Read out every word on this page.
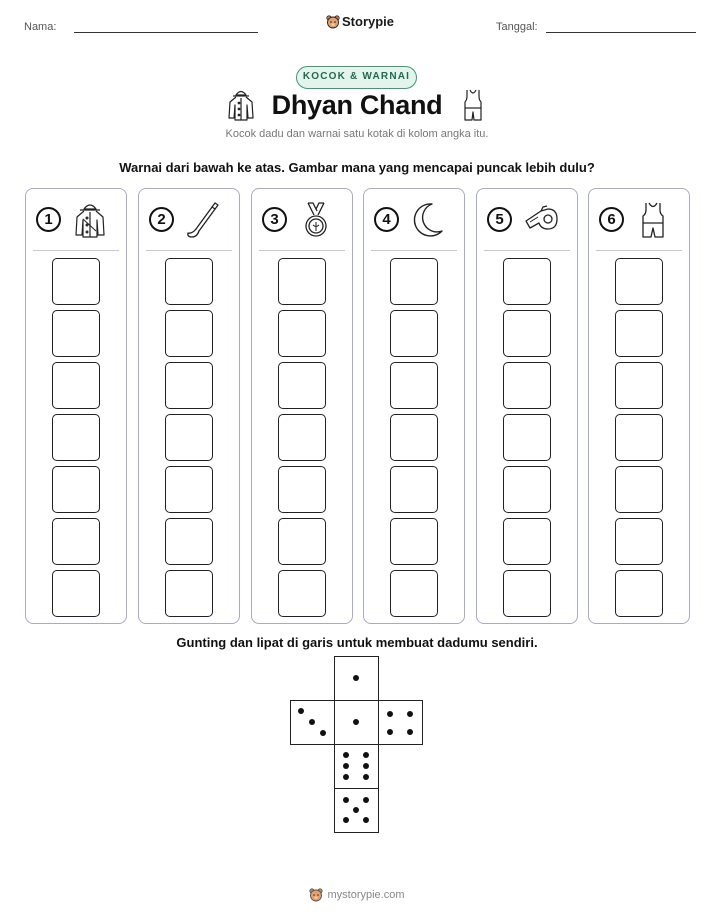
Nama:	Storypie	Tanggal:
KOCOK & WARNAI
Dhyan Chand
Kocok dadu dan warnai satu kotak di kolom angka itu.
Warnai dari bawah ke atas. Gambar mana yang mencapai puncak lebih dulu?
1	2	3	4	5	6
Gunting dan lipat di garis untuk membuat dadumu sendiri.
mystorypie.com
